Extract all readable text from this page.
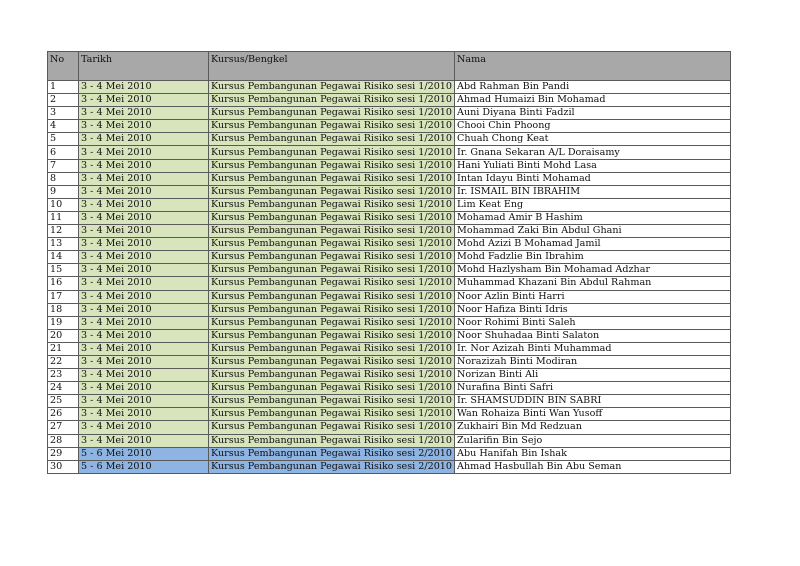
No	Tarikh	Kursus/Bengkel	Nama
1	3 - 4 Mei 2010	Kursus Pembangunan Pegawai Risiko sesi 1/2010	Abd Rahman Bin Pandi
2	3 - 4 Mei 2010	Kursus Pembangunan Pegawai Risiko sesi 1/2010	Ahmad Humaizi Bin Mohamad
3	3 - 4 Mei 2010	Kursus Pembangunan Pegawai Risiko sesi 1/2010	Auni Diyana Binti Fadzil
4	3 - 4 Mei 2010	Kursus Pembangunan Pegawai Risiko sesi 1/2010	Chooi Chin Phoong
5	3 - 4 Mei 2010	Kursus Pembangunan Pegawai Risiko sesi 1/2010	Chuah Chong Keat
6	3 - 4 Mei 2010	Kursus Pembangunan Pegawai Risiko sesi 1/2010	Ir. Gnana Sekaran A/L Doraisamy
7	3 - 4 Mei 2010	Kursus Pembangunan Pegawai Risiko sesi 1/2010	Hani Yuliati Binti Mohd Lasa
8	3 - 4 Mei 2010	Kursus Pembangunan Pegawai Risiko sesi 1/2010	Intan Idayu Binti Mohamad
9	3 - 4 Mei 2010	Kursus Pembangunan Pegawai Risiko sesi 1/2010	Ir. ISMAIL BIN IBRAHIM
10	3 - 4 Mei 2010	Kursus Pembangunan Pegawai Risiko sesi 1/2010	Lim Keat Eng
11	3 - 4 Mei 2010	Kursus Pembangunan Pegawai Risiko sesi 1/2010	Mohamad Amir B Hashim
12	3 - 4 Mei 2010	Kursus Pembangunan Pegawai Risiko sesi 1/2010	Mohammad Zaki Bin Abdul Ghani
13	3 - 4 Mei 2010	Kursus Pembangunan Pegawai Risiko sesi 1/2010	Mohd Azizi B Mohamad Jamil
14	3 - 4 Mei 2010	Kursus Pembangunan Pegawai Risiko sesi 1/2010	Mohd Fadzlie Bin Ibrahim
15	3 - 4 Mei 2010	Kursus Pembangunan Pegawai Risiko sesi 1/2010	Mohd Hazlysham Bin Mohamad Adzhar
16	3 - 4 Mei 2010	Kursus Pembangunan Pegawai Risiko sesi 1/2010	Muhammad Khazani Bin Abdul Rahman
17	3 - 4 Mei 2010	Kursus Pembangunan Pegawai Risiko sesi 1/2010	Noor Azlin Binti Harri
18	3 - 4 Mei 2010	Kursus Pembangunan Pegawai Risiko sesi 1/2010	Noor Hafiza Binti Idris
19	3 - 4 Mei 2010	Kursus Pembangunan Pegawai Risiko sesi 1/2010	Noor Rohimi Binti Saleh
20	3 - 4 Mei 2010	Kursus Pembangunan Pegawai Risiko sesi 1/2010	Noor Shuhadaa Binti Salaton
21	3 - 4 Mei 2010	Kursus Pembangunan Pegawai Risiko sesi 1/2010	Ir. Nor Azizah Binti Muhammad
22	3 - 4 Mei 2010	Kursus Pembangunan Pegawai Risiko sesi 1/2010	Norazizah Binti Modiran
23	3 - 4 Mei 2010	Kursus Pembangunan Pegawai Risiko sesi 1/2010	Norizan Binti Ali
24	3 - 4 Mei 2010	Kursus Pembangunan Pegawai Risiko sesi 1/2010	Nurafina Binti Safri
25	3 - 4 Mei 2010	Kursus Pembangunan Pegawai Risiko sesi 1/2010	Ir. SHAMSUDDIN BIN SABRI
26	3 - 4 Mei 2010	Kursus Pembangunan Pegawai Risiko sesi 1/2010	Wan Rohaiza Binti Wan Yusoff
27	3 - 4 Mei 2010	Kursus Pembangunan Pegawai Risiko sesi 1/2010	Zukhairi Bin Md Redzuan
28	3 - 4 Mei 2010	Kursus Pembangunan Pegawai Risiko sesi 1/2010	Zularifin Bin Sejo
29	5 - 6 Mei 2010	Kursus Pembangunan Pegawai Risiko sesi 2/2010	Abu Hanifah Bin Ishak
30	5 - 6 Mei 2010	Kursus Pembangunan Pegawai Risiko sesi 2/2010	Ahmad Hasbullah Bin Abu Seman
